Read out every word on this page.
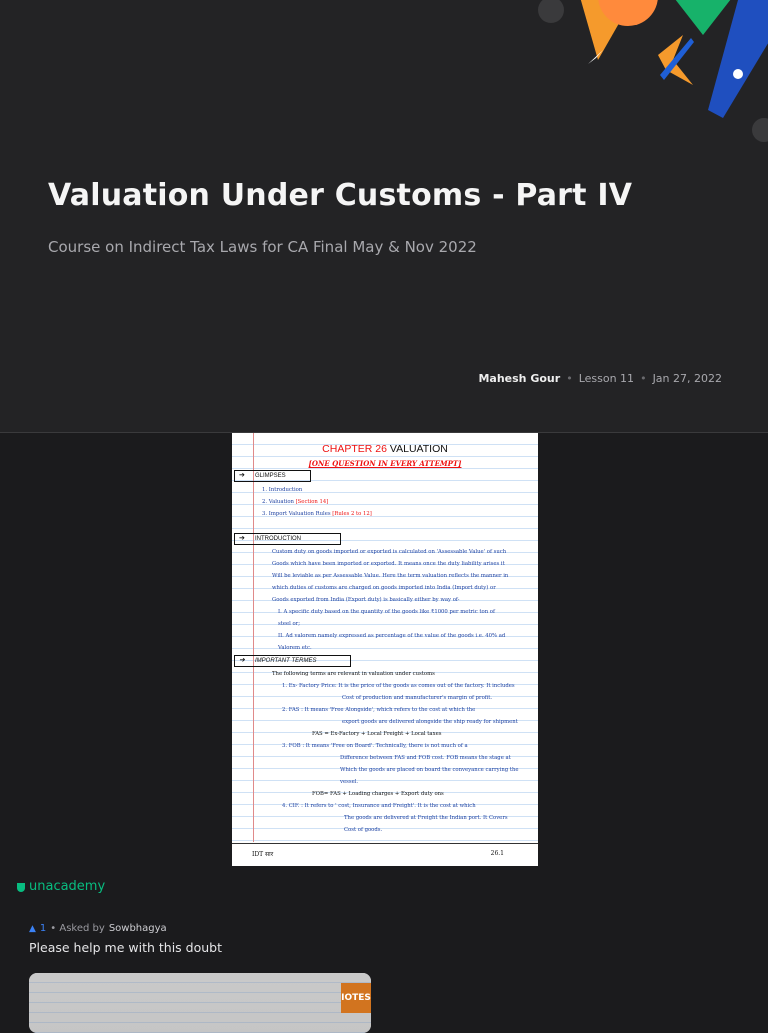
Valuation Under Customs - Part IV
Course on Indirect Tax Laws for CA Final May & Nov 2022
Mahesh Gour • Lesson 11 • Jan 27, 2022
CHAPTER 26 VALUATION
[ONE QUESTION IN EVERY ATTEMPT]
➔ GLIMPSES
1. Introduction
2. Valuation [Section 14]
3. Import Valuation Rules [Rules 2 to 12]
➔ INTRODUCTION
Custom duty on goods imported or exported is calculated on 'Assessable Value' of such
Goods which have been imported or exported. It means once the duty liability arises it
Will be leviable as per Assessable Value. Here the term valuation reflects the manner in
which duties of customs are charged on goods imported into India (Import duty) or
Goods exported from India (Export duty) is basically either by way of-
I. A specific duty based on the quantity of the goods like ₹1000 per metric ton of
steel or;
II. Ad valorem namely expressed as percentage of the value of the goods i.e. 40% ad
Valorem etc.
➔ IMPORTANT TERMES
The following terms are relevant in valuation under customs
1. Ex- Factory Price: It is the price of the goods as comes out of the factory. It includes
Cost of production and manufacturer's margin of profit.
2. FAS : It means 'Free Alongside', which refers to the cost at which the
export goods are delivered alongside the ship ready for shipment
FAS = Ex-Factory + Local Freight + Local taxes
3. FOB : It means 'Free on Board'. Technically, there is not much of a
Difference between FAS and FOB cost. FOB means the stage at
Which the goods are placed on board the conveyance carrying the
vessel.
FOB= FAS + Loading charges + Export duty ons
4. CIF. : It refers to ' cost, Insurance and Freight'. It is the cost at which
The goods are delivered at Freight the Indian port. It Covers
Cost of goods.
IDT सार	26.1
unacademy
▲ 1 • Asked by Sowbhagya
Please help me with this doubt
IOTES
